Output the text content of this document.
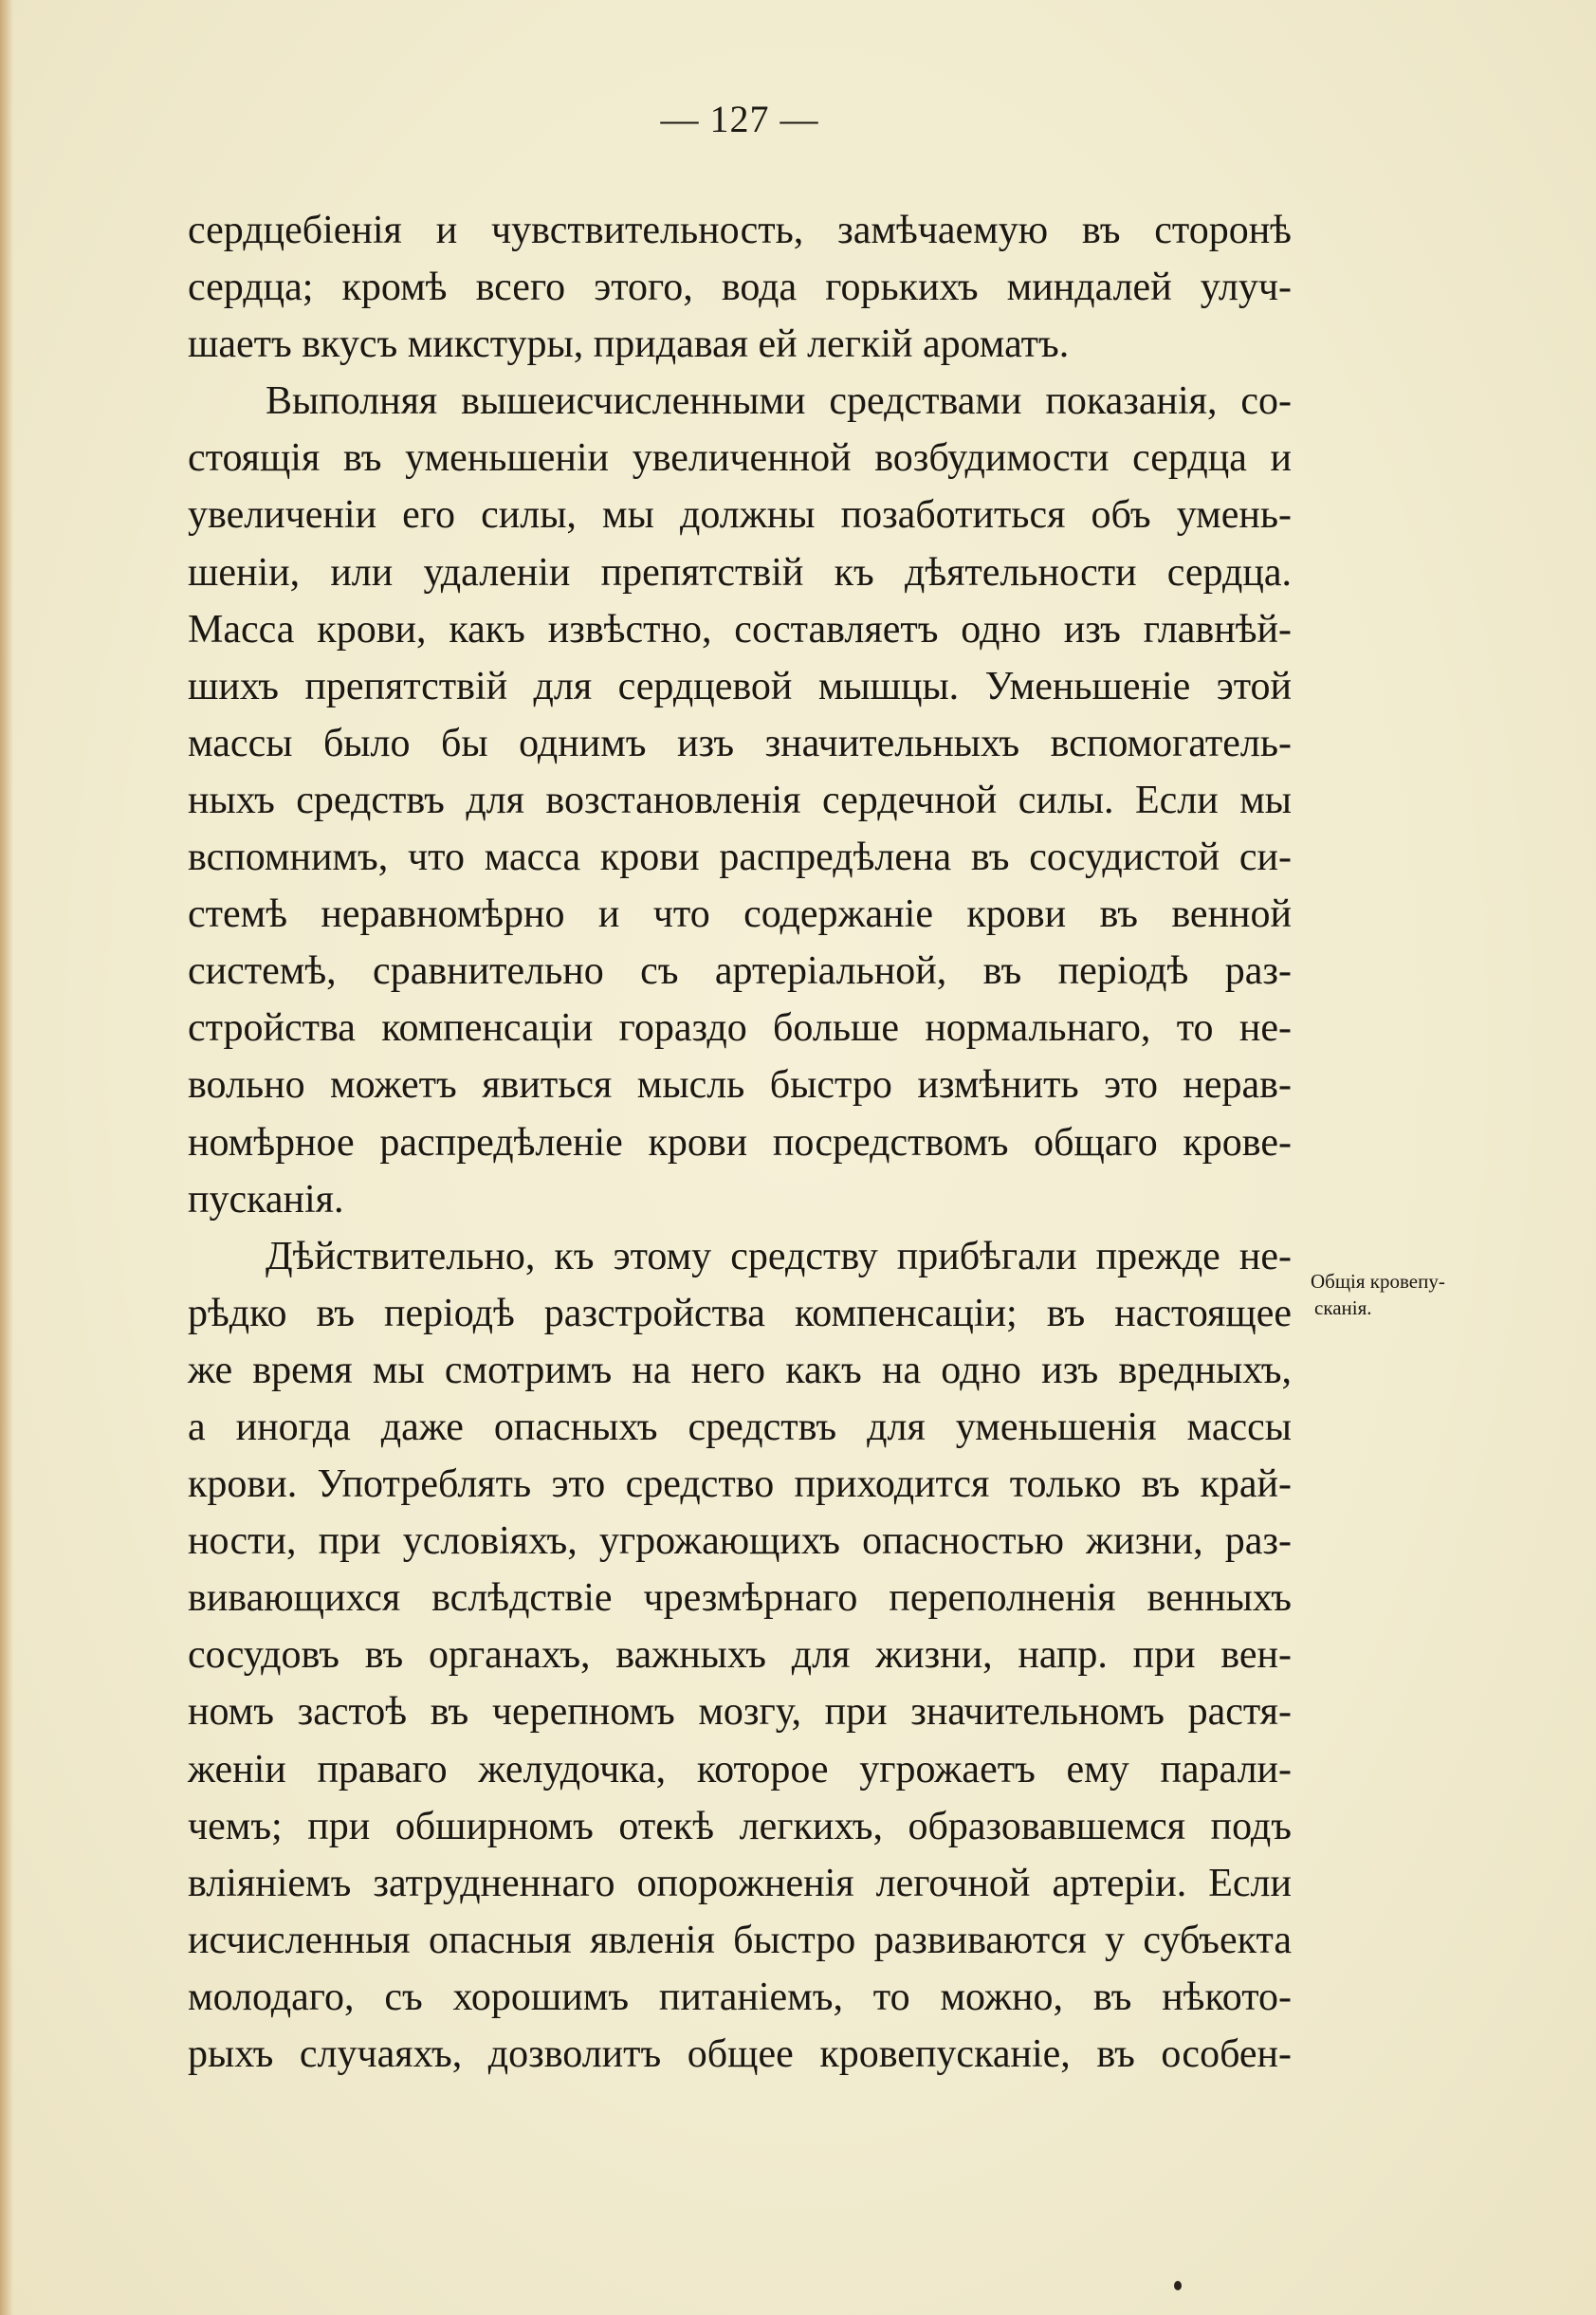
— 127 —
сердцебіенія и чувствительность, замѣчаемую въ сторонѣ
сердца; кромѣ всего этого, вода горькихъ миндалей улуч-
шаетъ вкусъ микстуры, придавая ей легкій ароматъ.
Выполняя вышеисчисленными средствами показанія, со-
стоящія въ уменьшеніи увеличенной возбудимости сердца и
увеличеніи его силы, мы должны позаботиться объ умень-
шеніи, или удаленіи препятствій къ дѣятельности сердца.
Масса крови, какъ извѣстно, составляетъ одно изъ главнѣй-
шихъ препятствій для сердцевой мышцы. Уменьшеніе этой
массы было бы однимъ изъ значительныхъ вспомогатель-
ныхъ средствъ для возстановленія сердечной силы. Если мы
вспомнимъ, что масса крови распредѣлена въ сосудистой си-
стемѣ неравномѣрно и что содержаніе крови въ венной
системѣ, сравнительно съ артеріальной, въ періодѣ раз-
стройства компенсаціи гораздо больше нормальнаго, то не-
вольно можетъ явиться мысль быстро измѣнить это нерав-
номѣрное распредѣленіе крови посредствомъ общаго крове-
пусканія.
Дѣйствительно, къ этому средству прибѣгали прежде не-
рѣдко въ періодѣ разстройства компенсаціи; въ настоящее
же время мы смотримъ на него какъ на одно изъ вредныхъ,
а иногда даже опасныхъ средствъ для уменьшенія массы
крови. Употреблять это средство приходится только въ край-
ности, при условіяхъ, угрожающихъ опасностью жизни, раз-
вивающихся вслѣдствіе чрезмѣрнаго переполненія венныхъ
сосудовъ въ органахъ, важныхъ для жизни, напр. при вен-
номъ застоѣ въ черепномъ мозгу, при значительномъ растя-
женіи праваго желудочка, которое угрожаетъ ему парали-
чемъ; при обширномъ отекѣ легкихъ, образовавшемся подъ
вліяніемъ затрудненнаго опорожненія легочной артеріи. Если
исчисленныя опасныя явленія быстро развиваются у субъекта
молодаго, съ хорошимъ питаніемъ, то можно, въ нѣкото-
рыхъ случаяхъ, дозволитъ общее кровепусканіе, въ особен-
Общія кровепу-
сканія.
